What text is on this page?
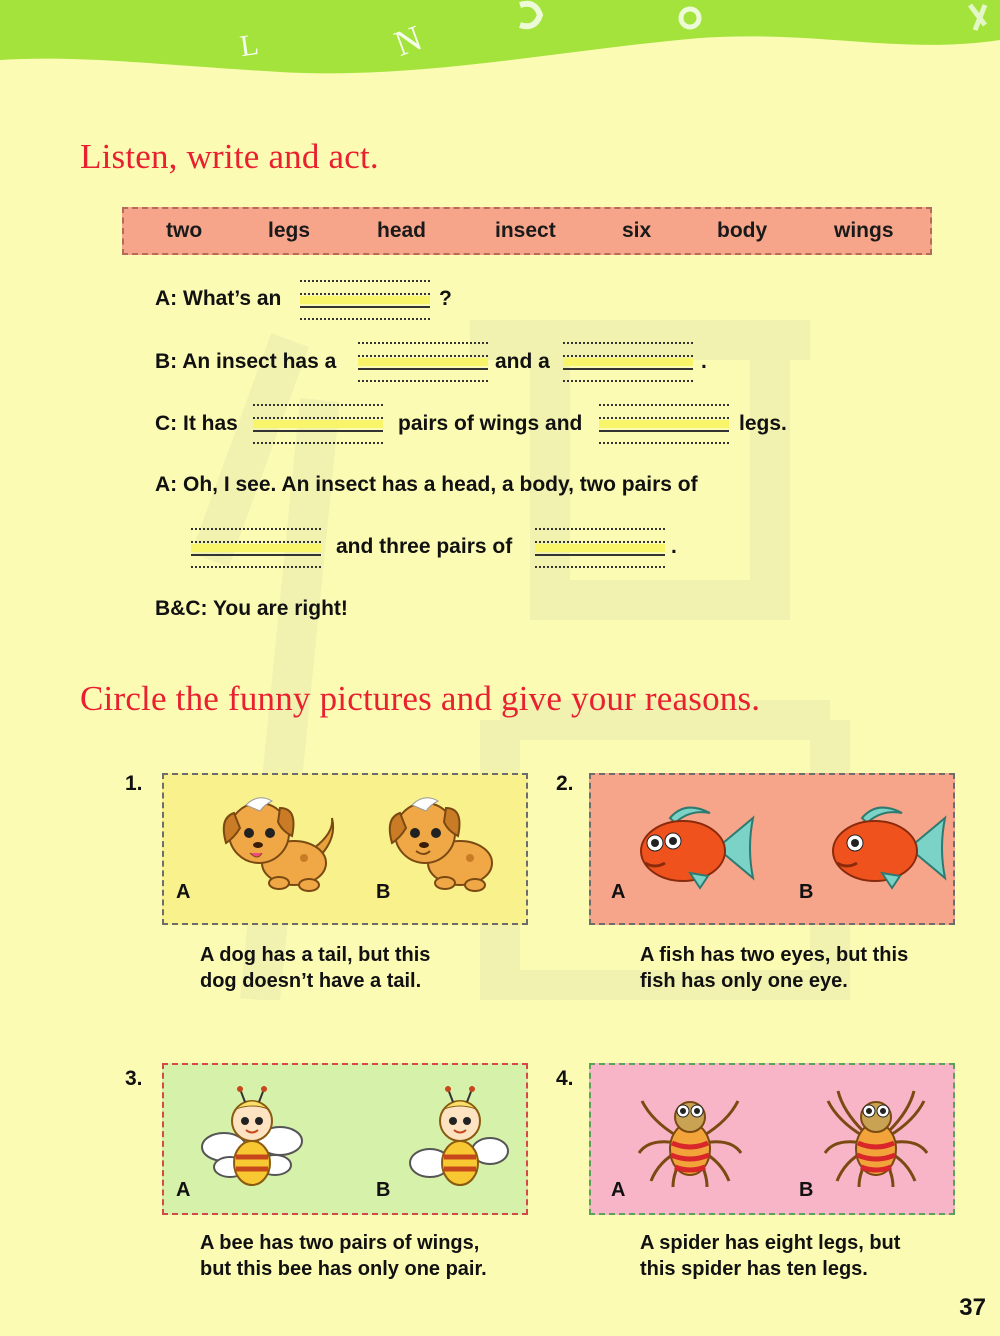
L	N
Listen, write and act.
two	legs	head	insect	six	body	wings
A: What’s an	?
B: An insect has a	and a	.
C: It has	pairs of wings and	legs.
A: Oh, I see. An insect has a head, a body, two pairs of
and three pairs of	.
B&C: You are right!
Circle the funny pictures and give your reasons.
1.
A	B
A dog has a tail, but this
dog doesn’t have a tail.
2.
A	B
A fish has two eyes, but this
fish has only one eye.
3.
A	B
A bee has two pairs of wings,
but this bee has only one pair.
4.
A	B
A spider has eight legs, but
this spider has ten legs.
37
